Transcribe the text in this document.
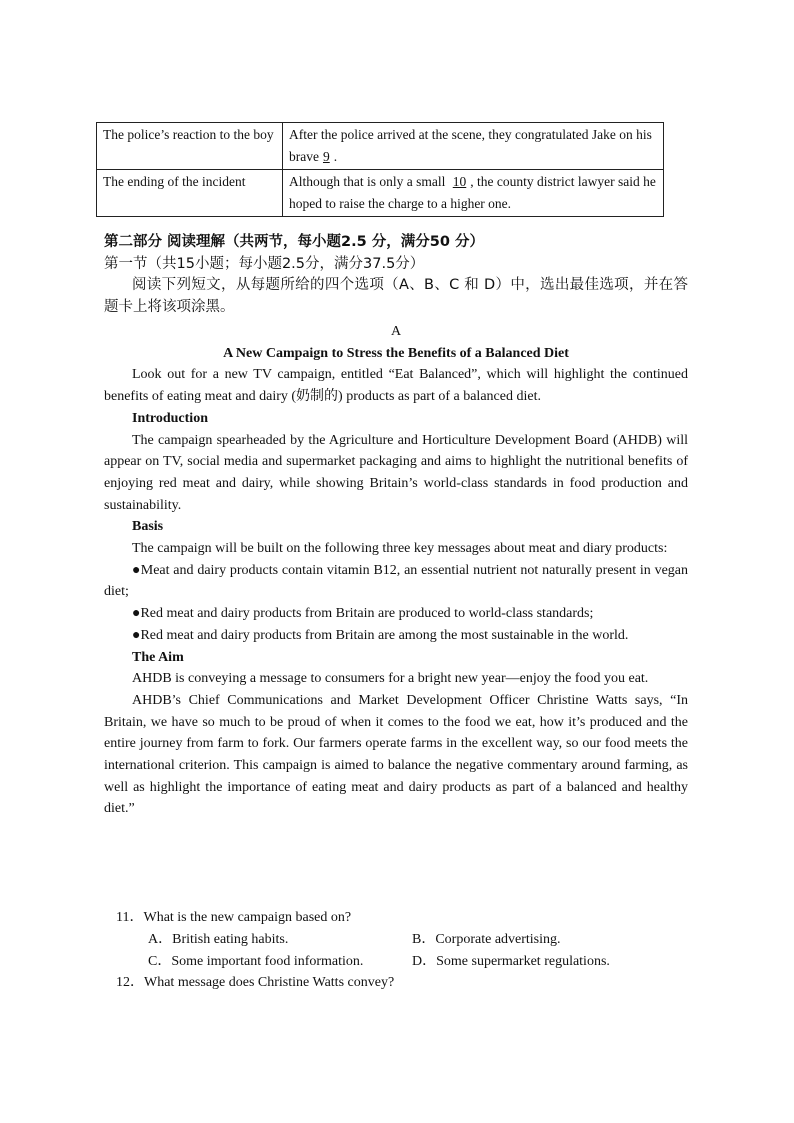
The police’s reaction to the boy	After the police arrived at the scene, they congratulated Jake on his brave 9 .
The ending of the incident	Although that is only a small 10 , the county district lawyer said he hoped to raise the charge to a higher one.
第二部分 阅读理解（共两节，每小题2.5 分，满分50 分）
第一节（共15小题；每小题2.5分，满分37.5分）
阅读下列短文，从每题所给的四个选项（A、B、C 和 D）中，选出最佳选项，并在答题卡上将该项涂黑。
A
A New Campaign to Stress the Benefits of a Balanced Diet
Look out for a new TV campaign, entitled “Eat Balanced”, which will highlight the continued benefits of eating meat and dairy (奶制的) products as part of a balanced diet.
Introduction
The campaign spearheaded by the Agriculture and Horticulture Development Board (AHDB) will appear on TV, social media and supermarket packaging and aims to highlight the nutritional benefits of enjoying red meat and dairy, while showing Britain’s world-class standards in food production and sustainability.
Basis
The campaign will be built on the following three key messages about meat and diary products:
●Meat and dairy products contain vitamin B12, an essential nutrient not naturally present in vegan diet;
●Red meat and dairy products from Britain are produced to world-class standards;
●Red meat and dairy products from Britain are among the most sustainable in the world.
The Aim
AHDB is conveying a message to consumers for a bright new year—enjoy the food you eat.
AHDB’s Chief Communications and Market Development Officer Christine Watts says, “In Britain, we have so much to be proud of when it comes to the food we eat, how it’s produced and the entire journey from farm to fork. Our farmers operate farms in the excellent way, so our food meets the international criterion. This campaign is aimed to balance the negative commentary around farming, as well as highlight the importance of eating meat and dairy products as part of a balanced and healthy diet.”
11．What is the new campaign based on?
A．British eating habits.	B．Corporate advertising.
C．Some important food information.	D．Some supermarket regulations.
12．What message does Christine Watts convey?
